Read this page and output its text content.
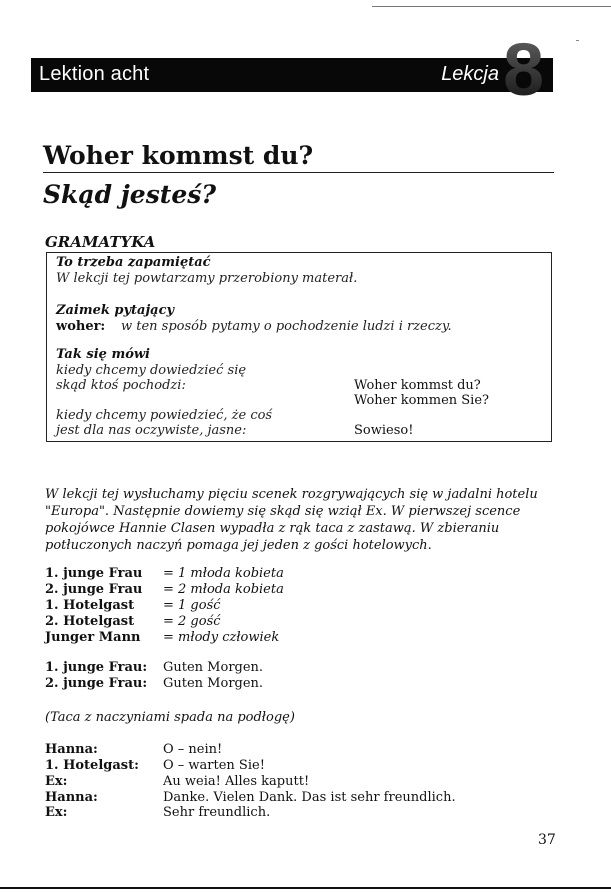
Lektion acht	Lekcja 8
Woher kommst du?
Skąd jesteś?
GRAMATYKA
To trzeba zapamiętać
W lekcji tej powtarzamy przerobiony materał.
Zaimek pytający
woher: w ten sposób pytamy o pochodzenie ludzi i rzeczy.
Tak się mówi
kiedy chcemy dowiedzieć się
skąd ktoś pochodzi:	Woher kommst du?
Woher kommen Sie?
kiedy chcemy powiedzieć, że coś
jest dla nas oczywiste, jasne:	Sowieso!
W lekcji tej wysłuchamy pięciu scenek rozgrywających się w jadalni hotelu
"Europa". Następnie dowiemy się skąd się wziął Ex. W pierwszej scence
pokojówce Hannie Clasen wypadła z rąk taca z zastawą. W zbieraniu
potłuczonych naczyń pomaga jej jeden z gości hotelowych.
1. junge Frau = 1 młoda kobieta
2. junge Frau = 2 młoda kobieta
1. Hotelgast = 1 gość
2. Hotelgast = 2 gość
Junger Mann = młody człowiek
1. junge Frau: Guten Morgen.
2. junge Frau: Guten Morgen.
(Taca z naczyniami spada na podłogę)
Hanna:	O – nein!
1. Hotelgast: O – warten Sie!
Ex:	Au weia! Alles kaputt!
Hanna:	Danke. Vielen Dank. Das ist sehr freundlich.
Ex:	Sehr freundlich.
37
